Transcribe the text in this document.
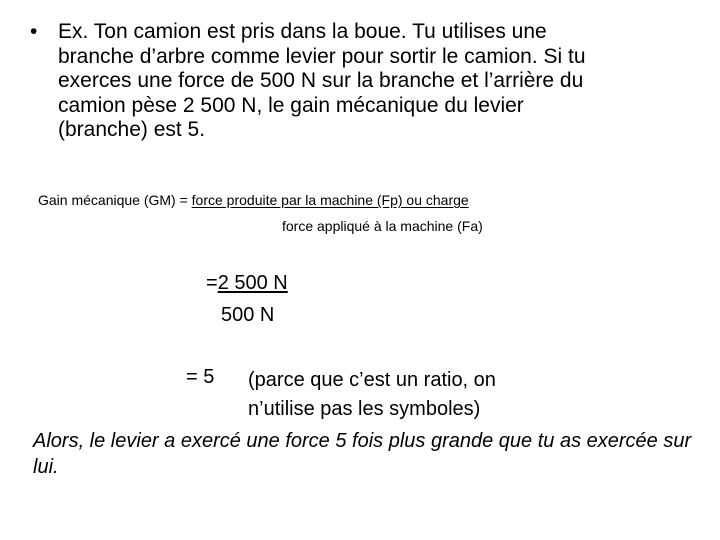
• Ex. Ton camion est pris dans la boue. Tu utilises une
branche d’arbre comme levier pour sortir le camion. Si tu
exerces une force de 500 N sur la branche et l’arrière du
camion pèse 2 500 N, le gain mécanique du levier
(branche) est 5.
Gain mécanique (GM) = force produite par la machine (Fp) ou charge
force appliqué à la machine (Fa)
=2 500 N
500 N
= 5 (parce que c’est un ratio, on
n’utilise pas les symboles)
Alors, le levier a exercé une force 5 fois plus grande que tu as exercée sur lui.
